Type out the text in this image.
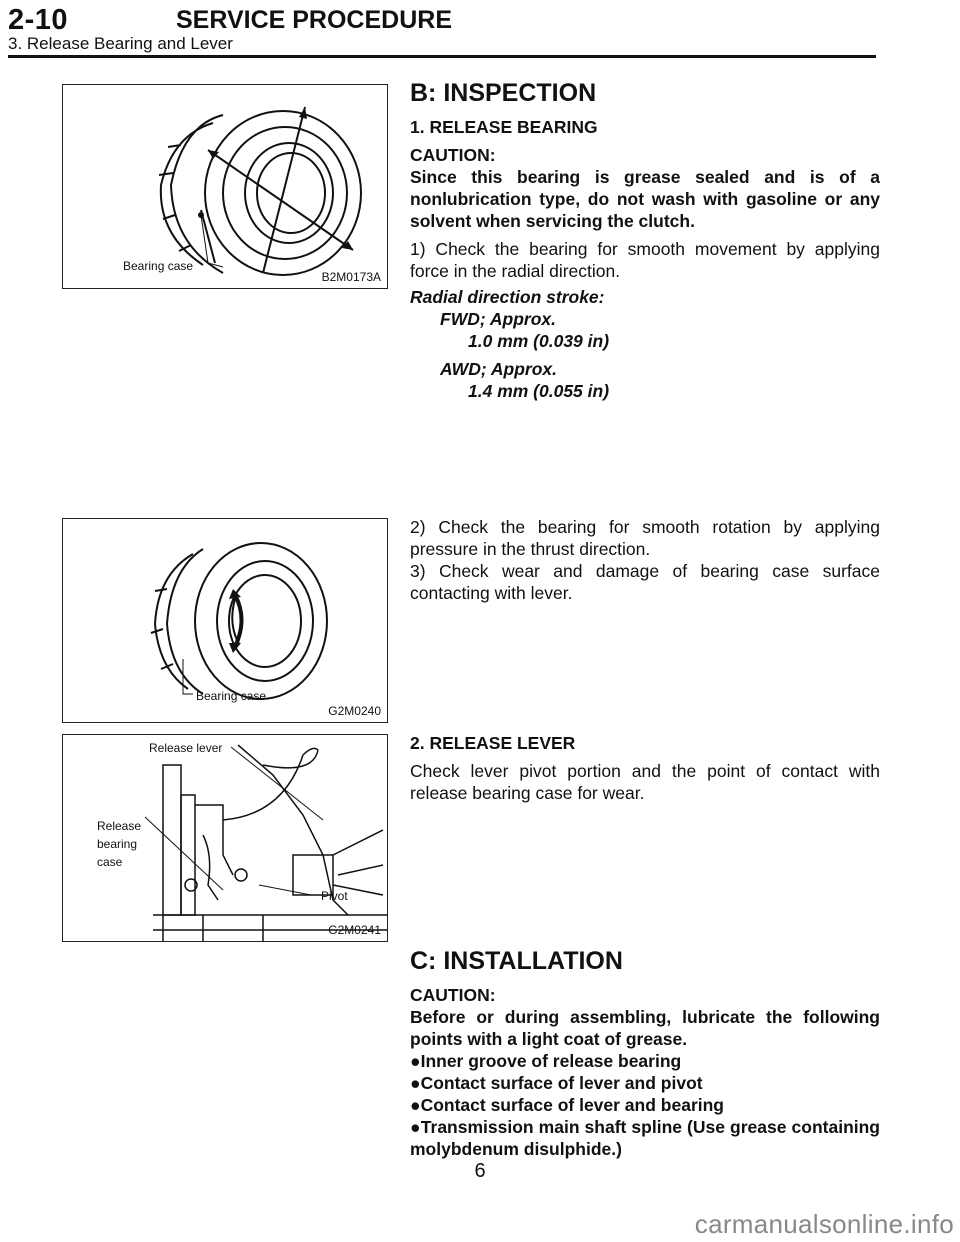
2-10	SERVICE PROCEDURE
3. Release Bearing and Lever
Bearing case
B2M0173A
Bearing case
G2M0240
Release lever
Release
bearing
case
Pivot
G2M0241
B: INSPECTION
1. RELEASE BEARING
CAUTION:
Since this bearing is grease sealed and is of a nonlubrication type, do not wash with gasoline or any solvent when servicing the clutch.
1) Check the bearing for smooth movement by applying force in the radial direction.
Radial direction stroke:
FWD; Approx.
1.0 mm (0.039 in)
AWD; Approx.
1.4 mm (0.055 in)
2) Check the bearing for smooth rotation by applying pressure in the thrust direction.
3) Check wear and damage of bearing case surface contacting with lever.
2. RELEASE LEVER
Check lever pivot portion and the point of contact with release bearing case for wear.
C: INSTALLATION
CAUTION:
Before or during assembling, lubricate the following points with a light coat of grease.
●Inner groove of release bearing
●Contact surface of lever and pivot
●Contact surface of lever and bearing
●Transmission main shaft spline (Use grease containing molybdenum disulphide.)
6
carmanualsonline.info
